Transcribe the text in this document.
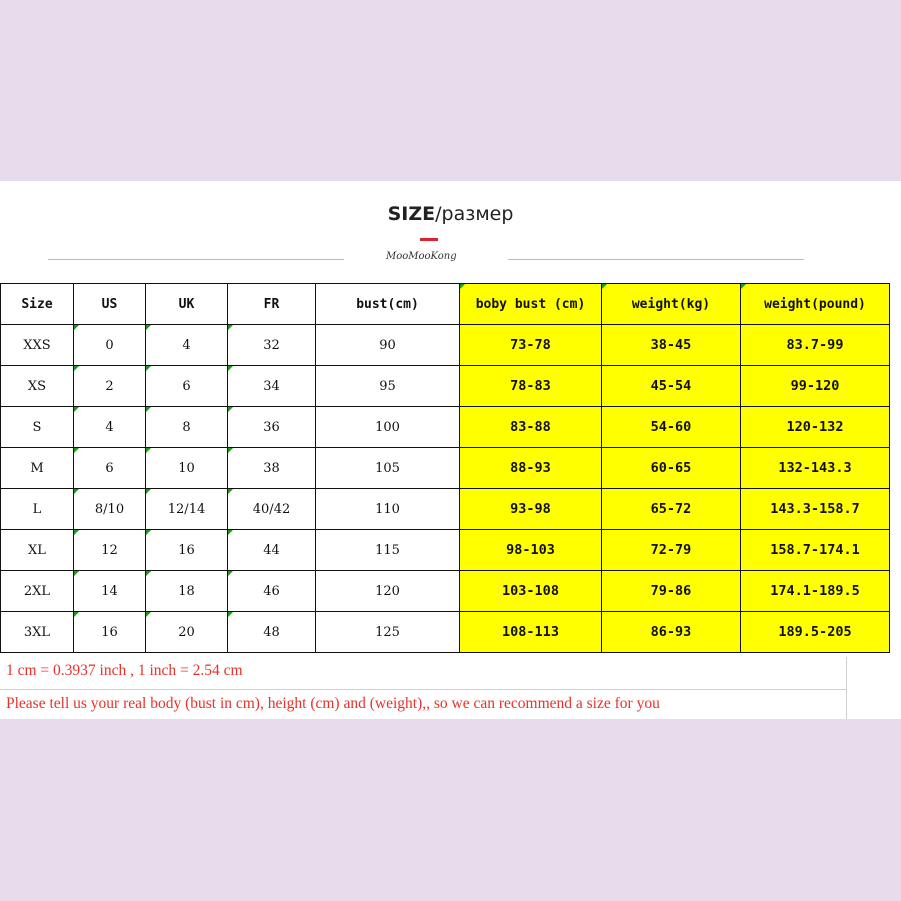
SIZE/размер
MooMooKong
Size	US	UK	FR	bust(cm)	boby bust (cm)	weight(kg)	weight(pound)
XXS	0	4	32	90	73-78	38-45	83.7-99
XS	2	6	34	95	78-83	45-54	99-120
S	4	8	36	100	83-88	54-60	120-132
M	6	10	38	105	88-93	60-65	132-143.3
L	8/10	12/14	40/42	110	93-98	65-72	143.3-158.7
XL	12	16	44	115	98-103	72-79	158.7-174.1
2XL	14	18	46	120	103-108	79-86	174.1-189.5
3XL	16	20	48	125	108-113	86-93	189.5-205
1 cm = 0.3937 inch , 1 inch = 2.54 cm
Please tell us your real body (bust in cm), height (cm) and (weight),, so we can recommend a size for you
